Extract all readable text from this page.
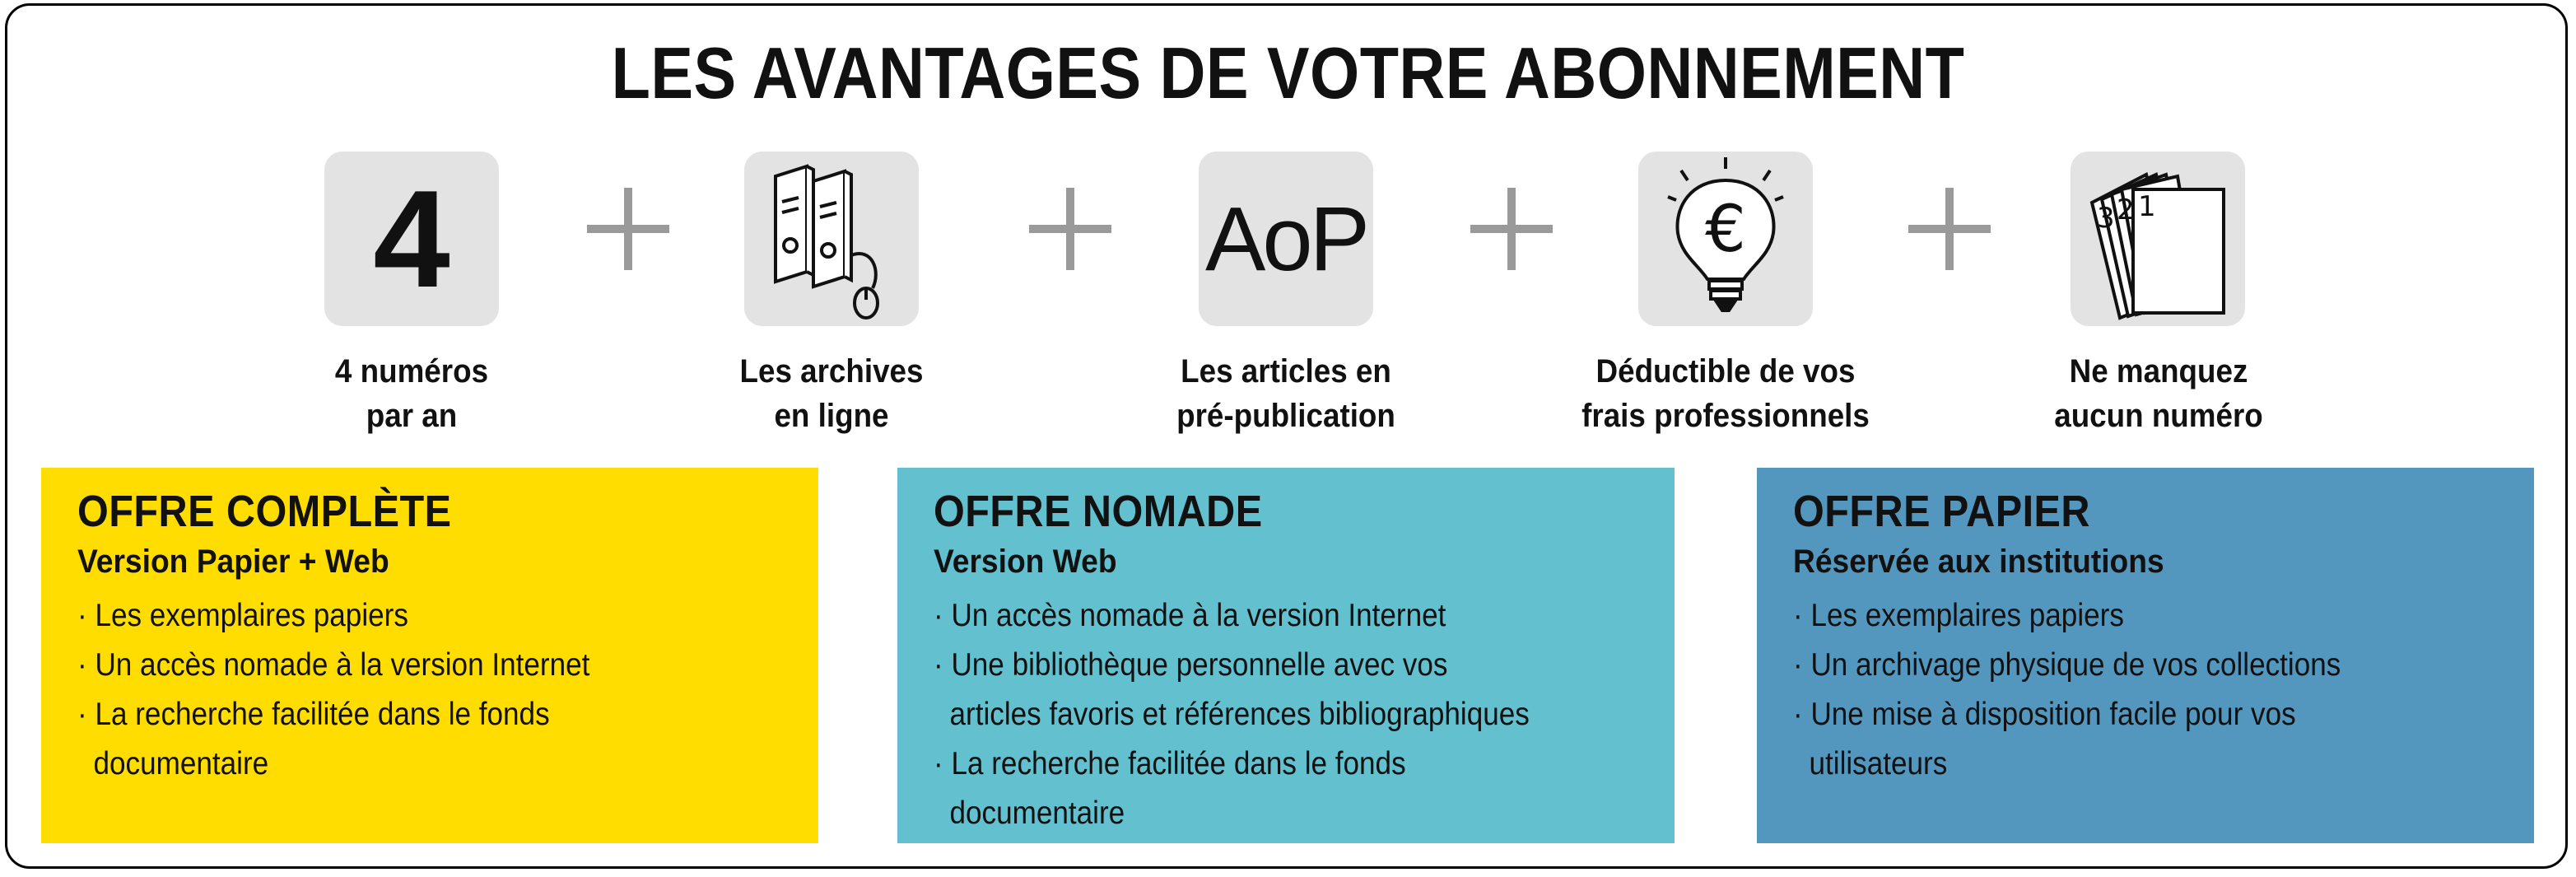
LES AVANTAGES DE VOTRE ABONNEMENT
4	AoP	€	3 2 1
4 numéros
par an
Les archives
en ligne
Les articles en
pré-publication
Déductible de vos
frais professionnels
Ne manquez
aucun numéro
OFFRE COMPLÈTE
Version Papier + Web
· Les exemplaires papiers
· Un accès nomade à la version Internet
· La recherche facilitée dans le fonds
documentaire
OFFRE NOMADE
Version Web
· Un accès nomade à la version Internet
· Une bibliothèque personnelle avec vos
articles favoris et références bibliographiques
· La recherche facilitée dans le fonds
documentaire
OFFRE PAPIER
Réservée aux institutions
· Les exemplaires papiers
· Un archivage physique de vos collections
· Une mise à disposition facile pour vos
utilisateurs
